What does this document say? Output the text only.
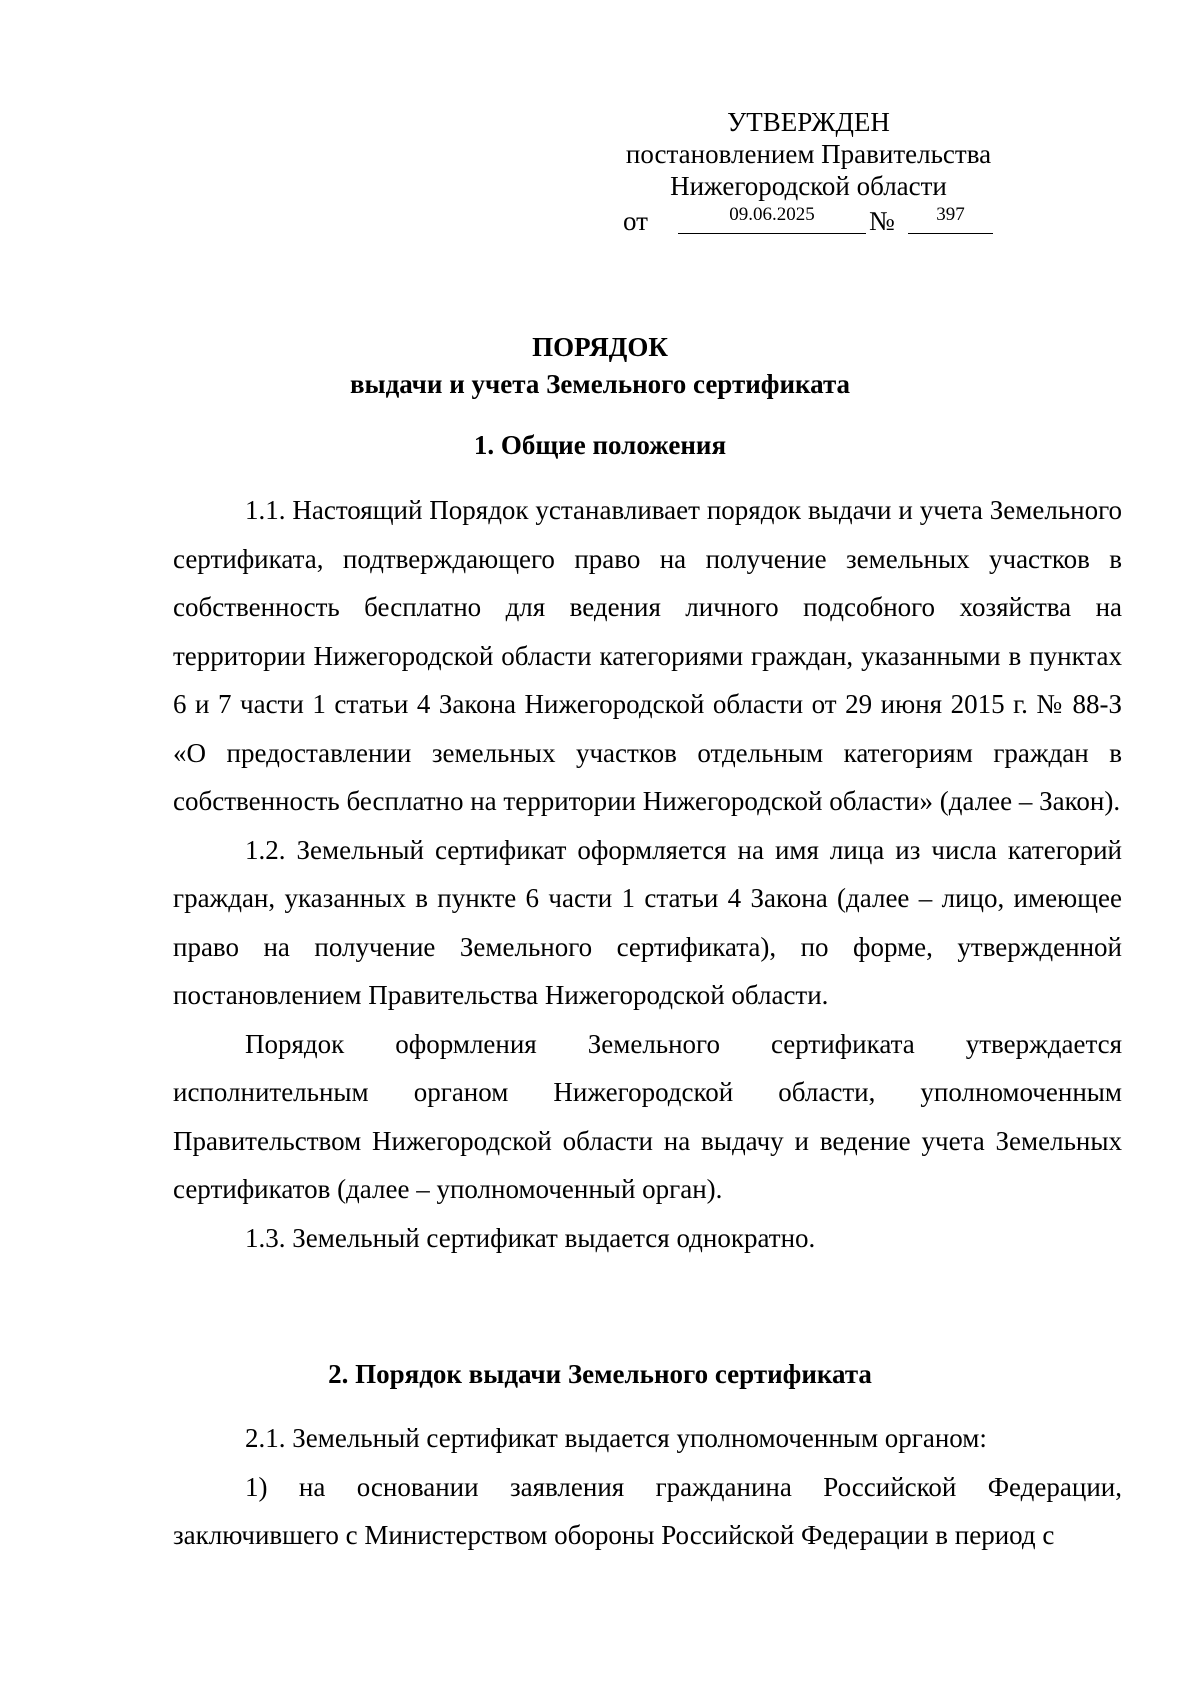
УТВЕРЖДЕН
постановлением Правительства
Нижегородской области
от	09.06.2025	№	397
ПОРЯДОК
выдачи и учета Земельного сертификата
1. Общие положения

1.1. Настоящий Порядок устанавливает порядок выдачи и учета Земельного сертификата, подтверждающего право на получение земельных участков в собственность бесплатно для ведения личного подсобного хозяйства на территории Нижегородской области категориями граждан, указанными в пунктах 6 и 7 части 1 статьи 4 Закона Нижегородской области от 29 июня 2015 г. № 88-З «О предоставлении земельных участков отдельным категориям граждан в собственность бесплатно на территории Нижегородской области» (далее – Закон).

1.2. Земельный сертификат оформляется на имя лица из числа категорий граждан, указанных в пункте 6 части 1 статьи 4 Закона (далее – лицо, имеющее право на получение Земельного сертификата), по форме, утвержденной постановлением Правительства Нижегородской области.

Порядок оформления Земельного сертификата утверждается исполнительным органом Нижегородской области, уполномоченным Правительством Нижегородской области на выдачу и ведение учета Земельных сертификатов (далее – уполномоченный орган).

1.3. Земельный сертификат выдается однократно.

2. Порядок выдачи Земельного сертификата

2.1. Земельный сертификат выдается уполномоченным органом:

1) на основании заявления гражданина Российской Федерации, заключившего с Министерством обороны Российской Федерации в период с
